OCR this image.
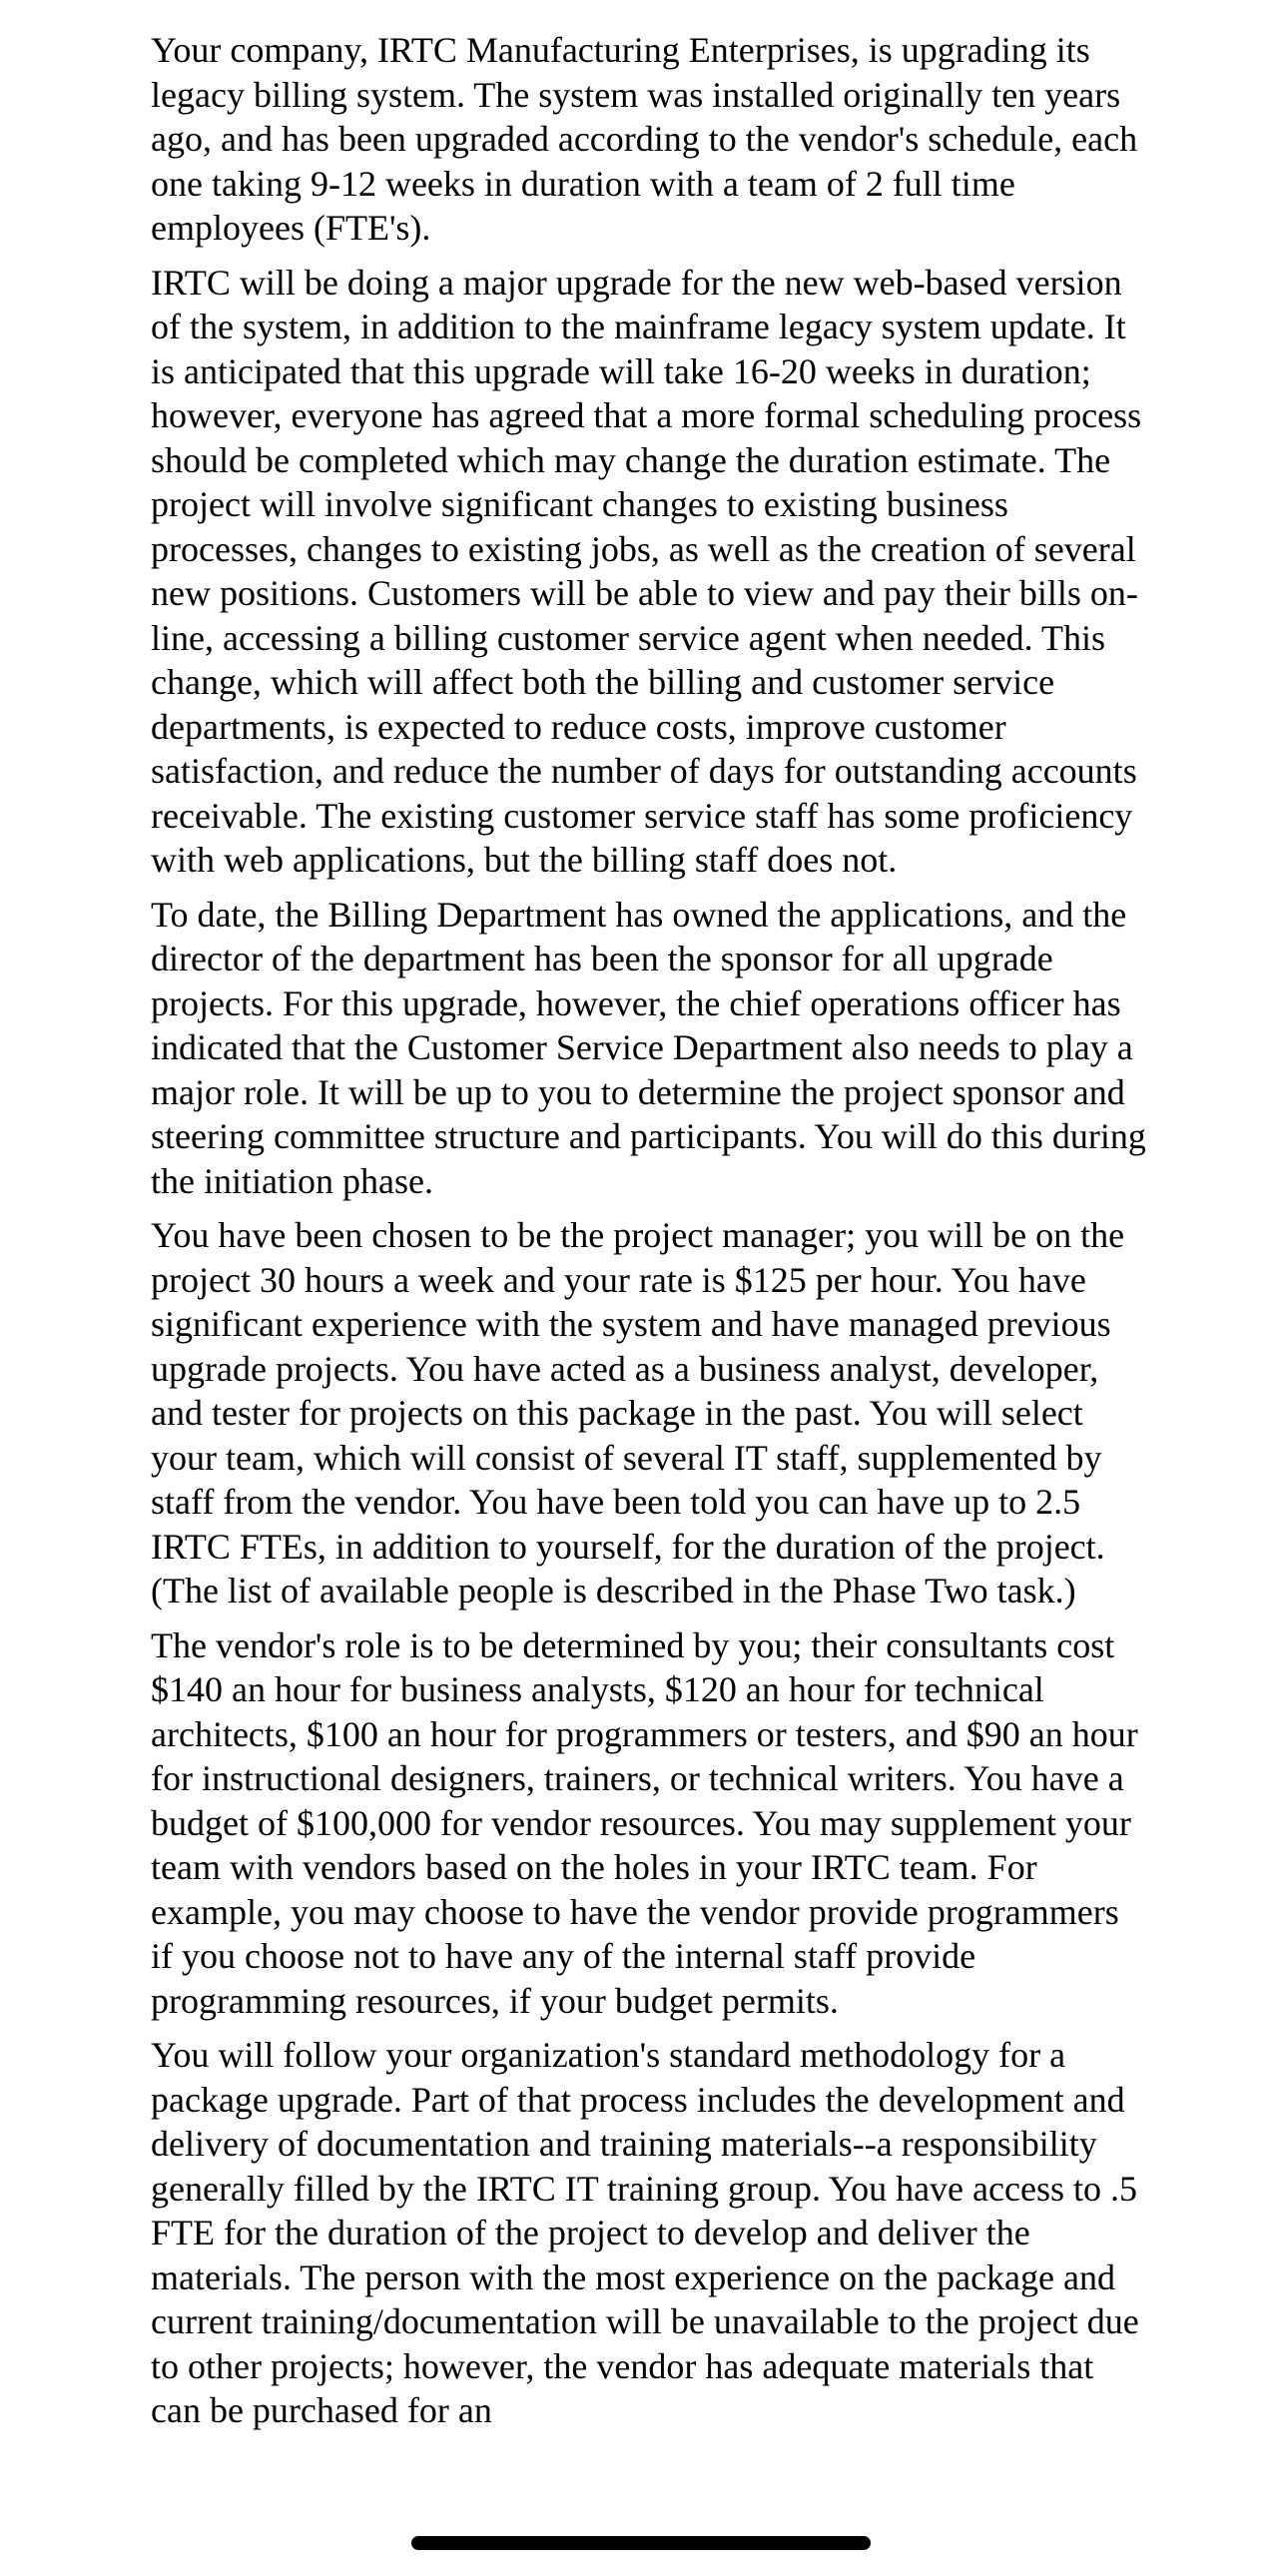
Your company, IRTC Manufacturing Enterprises, is upgrading its legacy billing system. The system was installed originally ten years ago, and has been upgraded according to the vendor's schedule, each one taking 9-12 weeks in duration with a team of 2 full time employees (FTE's).

IRTC will be doing a major upgrade for the new web-based version of the system, in addition to the mainframe legacy system update. It is anticipated that this upgrade will take 16-20 weeks in duration; however, everyone has agreed that a more formal scheduling process should be completed which may change the duration estimate. The project will involve significant changes to existing business processes, changes to existing jobs, as well as the creation of several new positions. Customers will be able to view and pay their bills on-line, accessing a billing customer service agent when needed. This change, which will affect both the billing and customer service departments, is expected to reduce costs, improve customer satisfaction, and reduce the number of days for outstanding accounts receivable. The existing customer service staff has some proficiency with web applications, but the billing staff does not.

To date, the Billing Department has owned the applications, and the director of the department has been the sponsor for all upgrade projects. For this upgrade, however, the chief operations officer has indicated that the Customer Service Department also needs to play a major role. It will be up to you to determine the project sponsor and steering committee structure and participants. You will do this during the initiation phase.

You have been chosen to be the project manager; you will be on the project 30 hours a week and your rate is $125 per hour. You have significant experience with the system and have managed previous upgrade projects. You have acted as a business analyst, developer, and tester for projects on this package in the past. You will select your team, which will consist of several IT staff, supplemented by staff from the vendor. You have been told you can have up to 2.5 IRTC FTEs, in addition to yourself, for the duration of the project. (The list of available people is described in the Phase Two task.)

The vendor's role is to be determined by you; their consultants cost $140 an hour for business analysts, $120 an hour for technical architects, $100 an hour for programmers or testers, and $90 an hour for instructional designers, trainers, or technical writers. You have a budget of $100,000 for vendor resources. You may supplement your team with vendors based on the holes in your IRTC team. For example, you may choose to have the vendor provide programmers if you choose not to have any of the internal staff provide programming resources, if your budget permits.

You will follow your organization's standard methodology for a package upgrade. Part of that process includes the development and delivery of documentation and training materials--a responsibility generally filled by the IRTC IT training group. You have access to .5 FTE for the duration of the project to develop and deliver the materials. The person with the most experience on the package and current training/documentation will be unavailable to the project due to other projects; however, the vendor has adequate materials that can be purchased for an
